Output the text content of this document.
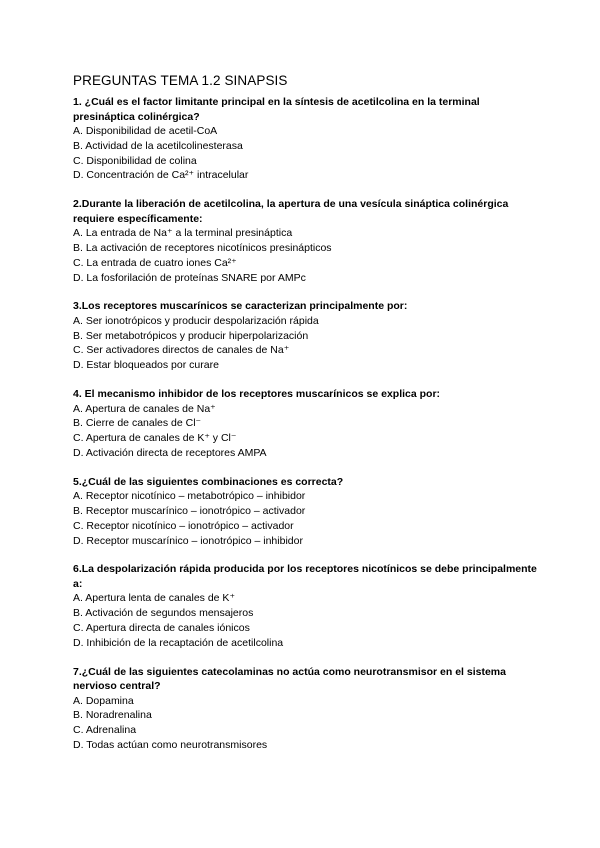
PREGUNTAS TEMA 1.2 SINAPSIS

1. ¿Cuál es el factor limitante principal en la síntesis de acetilcolina en la terminal presináptica colinérgica?

A. Disponibilidad de acetil-CoA
B. Actividad de la acetilcolinesterasa
C. Disponibilidad de colina
D. Concentración de Ca²⁺ intracelular

2.Durante la liberación de acetilcolina, la apertura de una vesícula sináptica colinérgica requiere específicamente:

A. La entrada de Na⁺ a la terminal presináptica
B. La activación de receptores nicotínicos presinápticos
C. La entrada de cuatro iones Ca²⁺
D. La fosforilación de proteínas SNARE por AMPc

3.Los receptores muscarínicos se caracterizan principalmente por:

A. Ser ionotrópicos y producir despolarización rápida
B. Ser metabotrópicos y producir hiperpolarización
C. Ser activadores directos de canales de Na⁺
D. Estar bloqueados por curare

4. El mecanismo inhibidor de los receptores muscarínicos se explica por:

A. Apertura de canales de Na⁺
B. Cierre de canales de Cl⁻
C. Apertura de canales de K⁺ y Cl⁻
D. Activación directa de receptores AMPA

5.¿Cuál de las siguientes combinaciones es correcta?

A. Receptor nicotínico – metabotrópico – inhibidor
B. Receptor muscarínico – ionotrópico – activador
C. Receptor nicotínico – ionotrópico – activador
D. Receptor muscarínico – ionotrópico – inhibidor

6.La despolarización rápida producida por los receptores nicotínicos se debe principalmente a:

A. Apertura lenta de canales de K⁺
B. Activación de segundos mensajeros
C. Apertura directa de canales iónicos
D. Inhibición de la recaptación de acetilcolina

7.¿Cuál de las siguientes catecolaminas no actúa como neurotransmisor en el sistema nervioso central?

A. Dopamina
B. Noradrenalina
C. Adrenalina
D. Todas actúan como neurotransmisores
